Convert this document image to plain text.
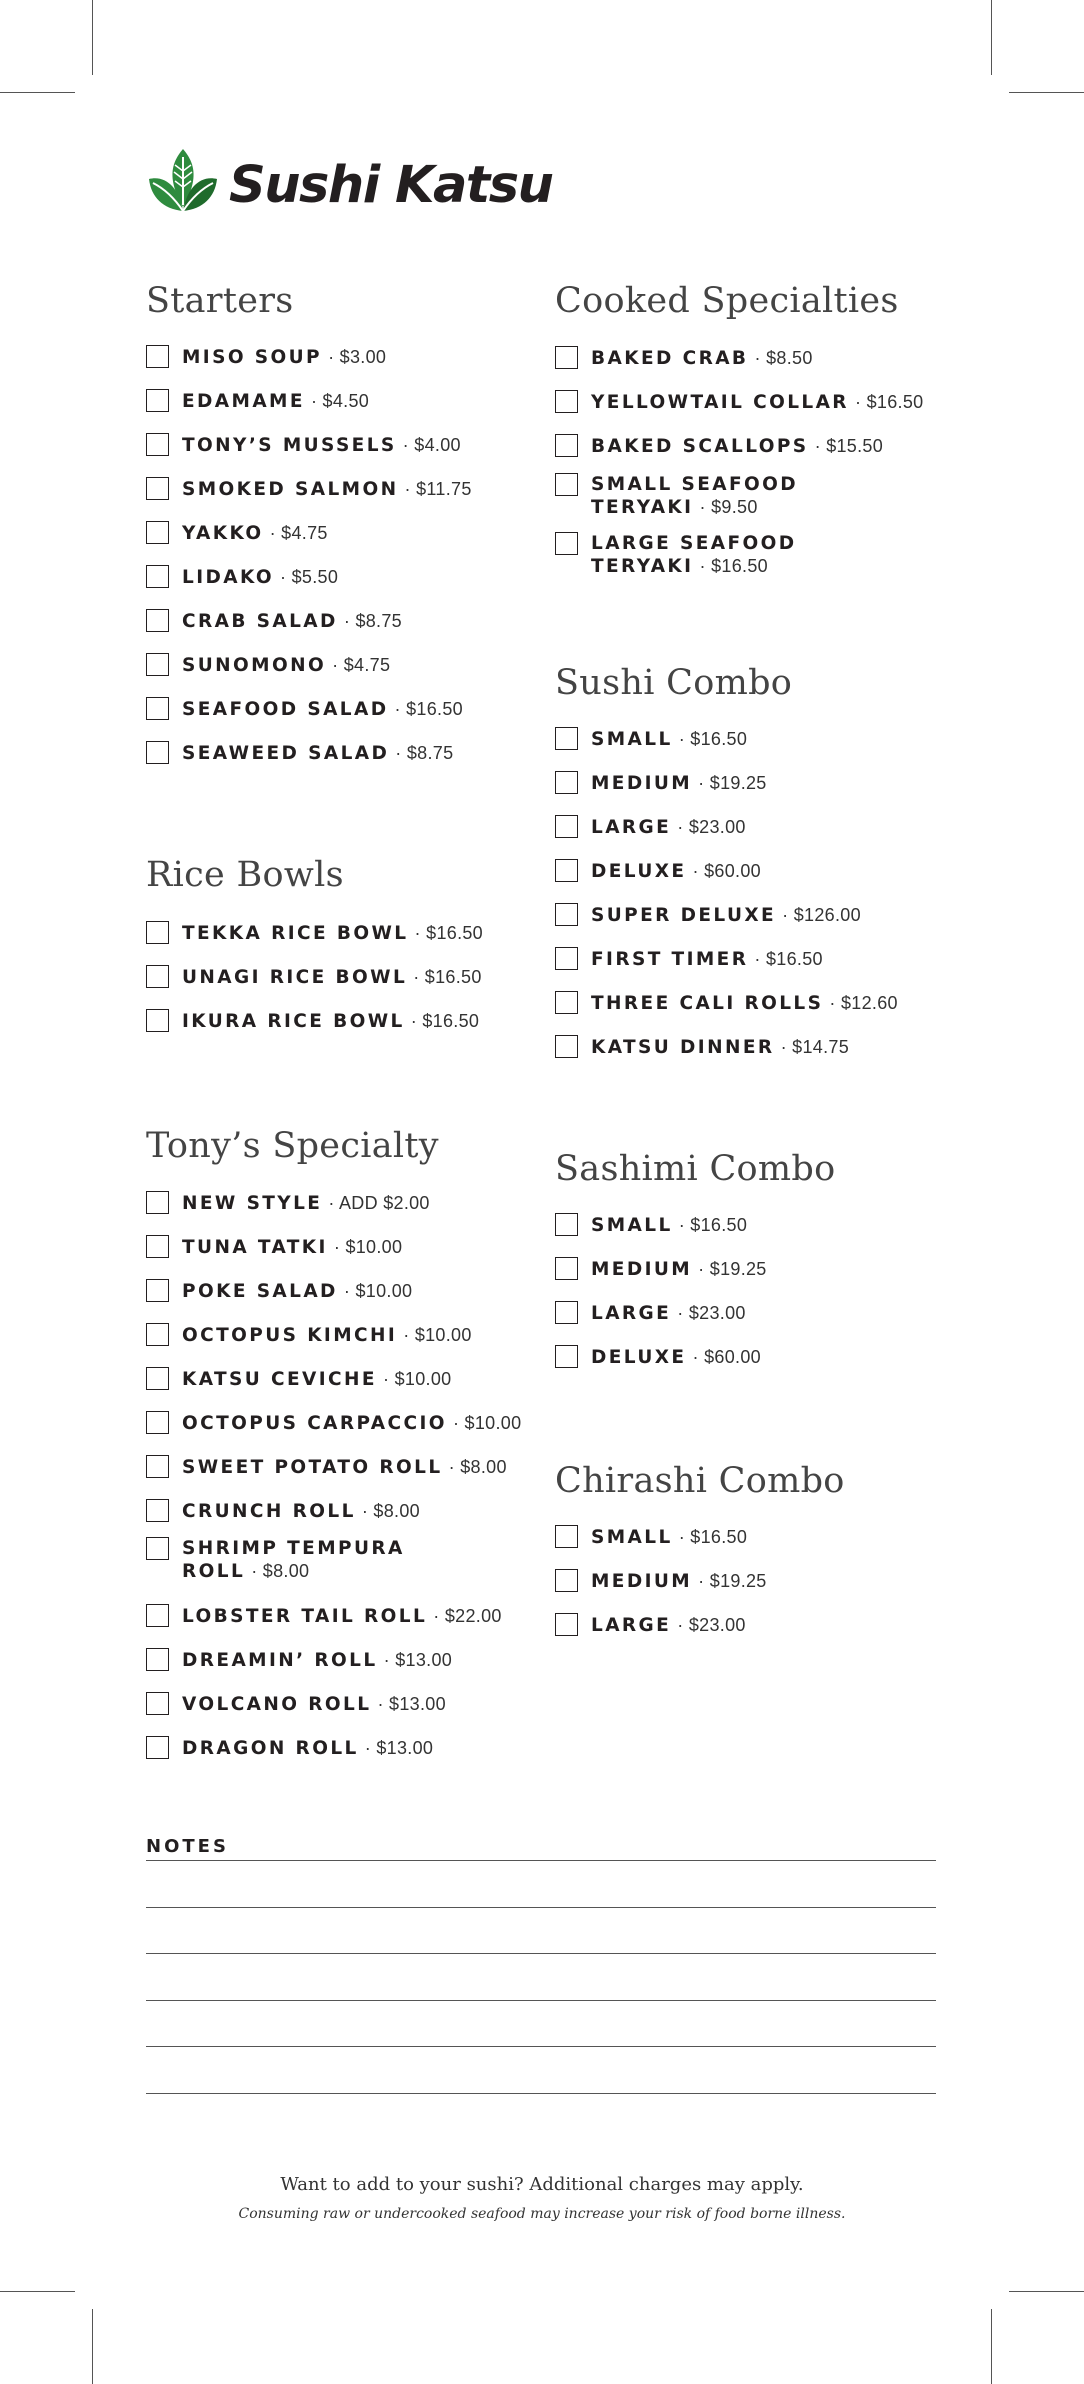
Sushi Katsu
Starters
MISO SOUP · $3.00
EDAMAME · $4.50
TONY’S MUSSELS · $4.00
SMOKED SALMON · $11.75
YAKKO · $4.75
LIDAKO · $5.50
CRAB SALAD · $8.75
SUNOMONO · $4.75
SEAFOOD SALAD · $16.50
SEAWEED SALAD · $8.75
Rice Bowls
TEKKA RICE BOWL · $16.50
UNAGI RICE BOWL · $16.50
IKURA RICE BOWL · $16.50
Tony’s Specialty
NEW STYLE · ADD $2.00
TUNA TATKI · $10.00
POKE SALAD · $10.00
OCTOPUS KIMCHI · $10.00
KATSU CEVICHE · $10.00
OCTOPUS CARPACCIO · $10.00
SWEET POTATO ROLL · $8.00
CRUNCH ROLL · $8.00
SHRIMP TEMPURA
ROLL · $8.00
LOBSTER TAIL ROLL · $22.00
DREAMIN’ ROLL · $13.00
VOLCANO ROLL · $13.00
DRAGON ROLL · $13.00
Cooked Specialties
BAKED CRAB · $8.50
YELLOWTAIL COLLAR · $16.50
BAKED SCALLOPS · $15.50
SMALL SEAFOOD
TERYAKI · $9.50
LARGE SEAFOOD
TERYAKI · $16.50
Sushi Combo
SMALL · $16.50
MEDIUM · $19.25
LARGE · $23.00
DELUXE · $60.00
SUPER DELUXE · $126.00
FIRST TIMER · $16.50
THREE CALI ROLLS · $12.60
KATSU DINNER · $14.75
Sashimi Combo
SMALL · $16.50
MEDIUM · $19.25
LARGE · $23.00
DELUXE · $60.00
Chirashi Combo
SMALL · $16.50
MEDIUM · $19.25
LARGE · $23.00
NOTES
Want to add to your sushi? Additional charges may apply.
Consuming raw or undercooked seafood may increase your risk of food borne illness.
